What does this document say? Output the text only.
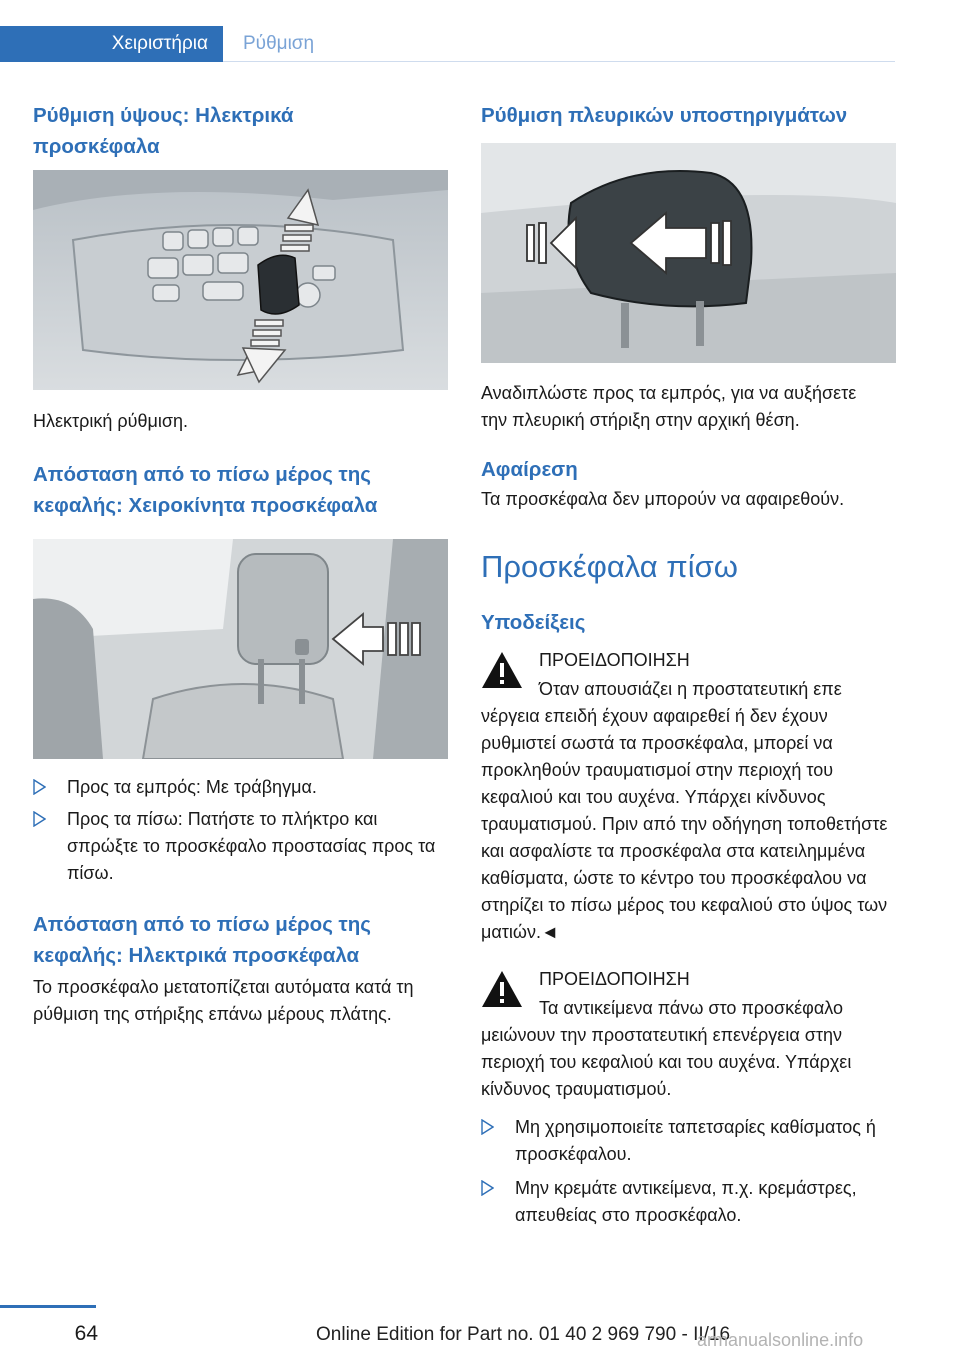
Χειριστήρια	Ρύθμιση
Ρύθμιση ύψους: Ηλεκτρικά προσκέφαλα

Ηλεκτρική ρύθμιση.

Απόσταση από το πίσω μέρος της κεφαλής: Χειροκίνητα προσκέφαλα
Προς τα εμπρός: Με τράβηγμα.
Προς τα πίσω: Πατήστε το πλήκτρο και σπρώξτε το προσκέφαλο προστασίας προς τα πίσω.
Απόσταση από το πίσω μέρος της κεφαλής: Ηλεκτρικά προσκέφαλα

Το προσκέφαλο μετατοπίζεται αυτόματα κατά τη ρύθμιση της στήριξης επάνω μέρους πλάτης.

Ρύθμιση πλευρικών υποστηριγμάτων

Αναδιπλώστε προς τα εμπρός, για να αυξήσετε την πλευρική στήριξη στην αρχική θέση.

Αφαίρεση

Τα προσκέφαλα δεν μπορούν να αφαιρεθούν.

Προσκέφαλα πίσω
Υποδείξεις

ΠΡΟΕΙΔΟΠΟΙΗΣΗ

Όταν απουσιάζει η προστατευτική επε

νέργεια επειδή έχουν αφαιρεθεί ή δεν έχουν ρυθμιστεί σωστά τα προσκέφαλα, μπορεί να προκληθούν τραυματισμοί στην περιοχή του κεφαλιού και του αυχένα. Υπάρχει κίνδυνος τραυματισμού. Πριν από την οδήγηση τοποθετήστε και ασφαλίστε τα προσκέφαλα στα κατειλημμένα καθίσματα, ώστε το κέντρο του προσκέφαλου να στηρίζει το πίσω μέρος του κεφαλιού στο ύψος των ματιών.◄

ΠΡΟΕΙΔΟΠΟΙΗΣΗ

Τα αντικείμενα πάνω στο προσκέφαλο

μειώνουν την προστατευτική επενέργεια στην περιοχή του κεφαλιού και του αυχένα. Υπάρχει κίνδυνος τραυματισμού.

Μη χρησιμοποιείτε ταπετσαρίες καθίσματος ή προσκέφαλου.
Μην κρεμάτε αντικείμενα, π.χ. κρεμάστρες, απευθείας στο προσκέφαλο.
64	Online Edition for Part no. 01 40 2 969 790 - II/16
armanualsonline.info
